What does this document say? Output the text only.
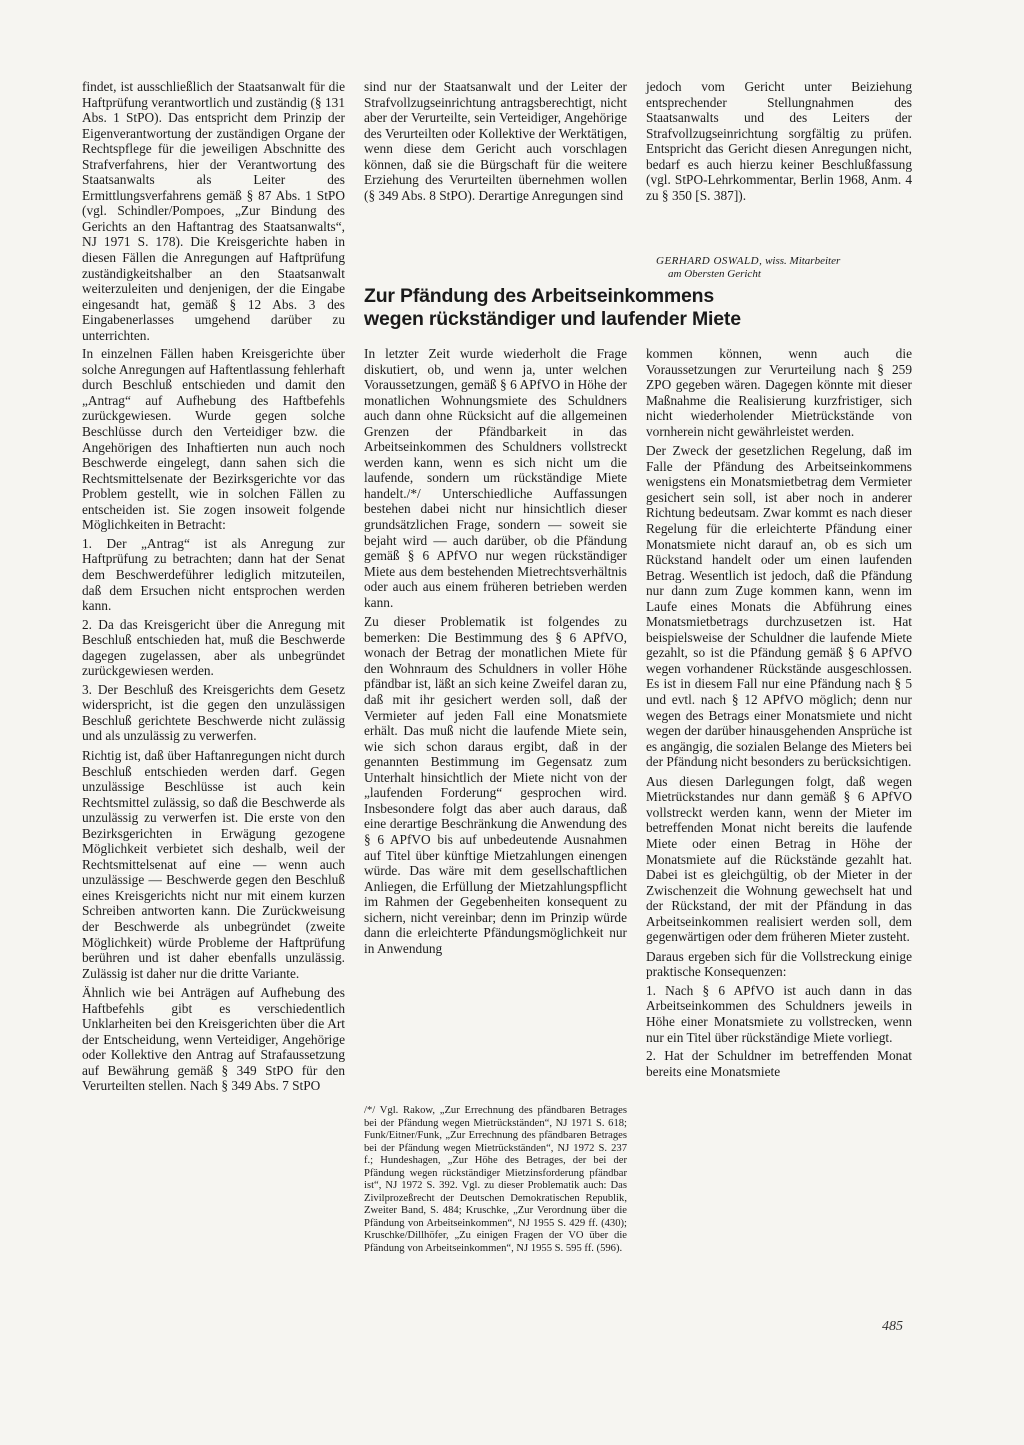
findet, ist ausschließlich der Staatsanwalt für die Haftprüfung verantwortlich und zuständig (§ 131 Abs. 1 StPO). Das entspricht dem Prinzip der Eigenverantwortung der zuständigen Organe der Rechtspflege für die jeweiligen Abschnitte des Strafverfahrens, hier der Verantwortung des Staatsanwalts als Leiter des Ermittlungsverfahrens gemäß § 87 Abs. 1 StPO (vgl. Schindler/Pompoes, „Zur Bindung des Gerichts an den Haftantrag des Staatsanwalts“, NJ 1971 S. 178). Die Kreisgerichte haben in diesen Fällen die Anregungen auf Haftprüfung zuständigkeitshalber an den Staatsanwalt weiterzuleiten und denjenigen, der die Eingabe eingesandt hat, gemäß § 12 Abs. 3 des Eingabenerlasses umgehend darüber zu unterrichten.

In einzelnen Fällen haben Kreisgerichte über solche Anregungen auf Haftentlassung fehlerhaft durch Beschluß entschieden und damit den „Antrag“ auf Aufhebung des Haftbefehls zurückgewiesen. Wurde gegen solche Beschlüsse durch den Verteidiger bzw. die Angehörigen des Inhaftierten nun auch noch Beschwerde eingelegt, dann sahen sich die Rechtsmittelsenate der Bezirksgerichte vor das Problem gestellt, wie in solchen Fällen zu entscheiden ist. Sie zogen insoweit folgende Möglichkeiten in Betracht:

1. Der „Antrag“ ist als Anregung zur Haftprüfung zu betrachten; dann hat der Senat dem Beschwerdeführer lediglich mitzuteilen, daß dem Ersuchen nicht entsprochen werden kann.

2. Da das Kreisgericht über die Anregung mit Beschluß entschieden hat, muß die Beschwerde dagegen zugelassen, aber als unbegründet zurückgewiesen werden.

3. Der Beschluß des Kreisgerichts dem Gesetz widerspricht, ist die gegen den unzulässigen Beschluß gerichtete Beschwerde nicht zulässig und als unzulässig zu verwerfen.

Richtig ist, daß über Haftanregungen nicht durch Beschluß entschieden werden darf. Gegen unzulässige Beschlüsse ist auch kein Rechtsmittel zulässig, so daß die Beschwerde als unzulässig zu verwerfen ist. Die erste von den Bezirksgerichten in Erwägung gezogene Möglichkeit verbietet sich deshalb, weil der Rechtsmittelsenat auf eine — wenn auch unzulässige — Beschwerde gegen den Beschluß eines Kreisgerichts nicht nur mit einem kurzen Schreiben antworten kann. Die Zurückweisung der Beschwerde als unbegründet (zweite Möglichkeit) würde Probleme der Haftprüfung berühren und ist daher ebenfalls unzulässig. Zulässig ist daher nur die dritte Variante.

Ähnlich wie bei Anträgen auf Aufhebung des Haftbefehls gibt es verschiedentlich Unklarheiten bei den Kreisgerichten über die Art der Entscheidung, wenn Verteidiger, Angehörige oder Kollektive den Antrag auf Strafaussetzung auf Bewährung gemäß § 349 StPO für den Verurteilten stellen. Nach § 349 Abs. 7 StPO

sind nur der Staatsanwalt und der Leiter der Strafvollzugseinrichtung antragsberechtigt, nicht aber der Verurteilte, sein Verteidiger, Angehörige des Verurteilten oder Kollektive der Werktätigen, wenn diese dem Gericht auch vorschlagen können, daß sie die Bürgschaft für die weitere Erziehung des Verurteilten übernehmen wollen (§ 349 Abs. 8 StPO). Derartige Anregungen sind

jedoch vom Gericht unter Beiziehung entsprechender Stellungnahmen des Staatsanwalts und des Leiters der Strafvollzugseinrichtung sorgfältig zu prüfen. Entspricht das Gericht diesen Anregungen nicht, bedarf es auch hierzu keiner Beschlußfassung (vgl. StPO-Lehrkommentar, Berlin 1968, Anm. 4 zu § 350 [S. 387]).

GERHARD OSWALD, wiss. Mitarbeiter
am Obersten Gericht
Zur Pfändung des Arbeitseinkommens
wegen rückständiger und laufender Miete

In letzter Zeit wurde wiederholt die Frage diskutiert, ob, und wenn ja, unter welchen Voraussetzungen, gemäß § 6 APfVO in Höhe der monatlichen Wohnungsmiete des Schuldners auch dann ohne Rücksicht auf die allgemeinen Grenzen der Pfändbarkeit in das Arbeitseinkommen des Schuldners vollstreckt werden kann, wenn es sich nicht um die laufende, sondern um rückständige Miete handelt./*/ Unterschiedliche Auffassungen bestehen dabei nicht nur hinsichtlich dieser grundsätzlichen Frage, sondern — soweit sie bejaht wird — auch darüber, ob die Pfändung gemäß § 6 APfVO nur wegen rückständiger Miete aus dem bestehenden Mietrechtsverhältnis oder auch aus einem früheren betrieben werden kann.

Zu dieser Problematik ist folgendes zu bemerken: Die Bestimmung des § 6 APfVO, wonach der Betrag der monatlichen Miete für den Wohnraum des Schuldners in voller Höhe pfändbar ist, läßt an sich keine Zweifel daran zu, daß mit ihr gesichert werden soll, daß der Vermieter auf jeden Fall eine Monatsmiete erhält. Das muß nicht die laufende Miete sein, wie sich schon daraus ergibt, daß in der genannten Bestimmung im Gegensatz zum Unterhalt hinsichtlich der Miete nicht von der „laufenden Forderung“ gesprochen wird. Insbesondere folgt das aber auch daraus, daß eine derartige Beschränkung die Anwendung des § 6 APfVO bis auf unbedeutende Ausnahmen auf Titel über künftige Mietzahlungen einengen würde. Das wäre mit dem gesellschaftlichen Anliegen, die Erfüllung der Mietzahlungspflicht im Rahmen der Gegebenheiten konsequent zu sichern, nicht vereinbar; denn im Prinzip würde dann die erleichterte Pfändungsmöglichkeit nur in Anwendung

/*/ Vgl. Rakow, „Zur Errechnung des pfändbaren Betrages bei der Pfändung wegen Mietrückständen“, NJ 1971 S. 618; Funk/Eitner/Funk, „Zur Errechnung des pfändbaren Betrages bei der Pfändung wegen Mietrückständen“, NJ 1972 S. 237 f.; Hundeshagen, „Zur Höhe des Betrages, der bei der Pfändung wegen rückständiger Mietzinsforderung pfändbar ist“, NJ 1972 S. 392. Vgl. zu dieser Problematik auch: Das Zivilprozeßrecht der Deutschen Demokratischen Republik, Zweiter Band, S. 484; Kruschke, „Zur Verordnung über die Pfändung von Arbeitseinkommen“, NJ 1955 S. 429 ff. (430); Kruschke/Dillhöfer, „Zu einigen Fragen der VO über die Pfändung von Arbeitseinkommen“, NJ 1955 S. 595 ff. (596).

kommen können, wenn auch die Voraussetzungen zur Verurteilung nach § 259 ZPO gegeben wären. Dagegen könnte mit dieser Maßnahme die Realisierung kurzfristiger, sich nicht wiederholender Mietrückstände von vornherein nicht gewährleistet werden.

Der Zweck der gesetzlichen Regelung, daß im Falle der Pfändung des Arbeitseinkommens wenigstens ein Monatsmietbetrag dem Vermieter gesichert sein soll, ist aber noch in anderer Richtung bedeutsam. Zwar kommt es nach dieser Regelung für die erleichterte Pfändung einer Monatsmiete nicht darauf an, ob es sich um Rückstand handelt oder um einen laufenden Betrag. Wesentlich ist jedoch, daß die Pfändung nur dann zum Zuge kommen kann, wenn im Laufe eines Monats die Abführung eines Monatsmietbetrags durchzusetzen ist. Hat beispielsweise der Schuldner die laufende Miete gezahlt, so ist die Pfändung gemäß § 6 APfVO wegen vorhandener Rückstände ausgeschlossen. Es ist in diesem Fall nur eine Pfändung nach § 5 und evtl. nach § 12 APfVO möglich; denn nur wegen des Betrags einer Monatsmiete und nicht wegen der darüber hinausgehenden Ansprüche ist es angängig, die sozialen Belange des Mieters bei der Pfändung nicht besonders zu berücksichtigen.

Aus diesen Darlegungen folgt, daß wegen Mietrückstandes nur dann gemäß § 6 APfVO vollstreckt werden kann, wenn der Mieter im betreffenden Monat nicht bereits die laufende Miete oder einen Betrag in Höhe der Monatsmiete auf die Rückstände gezahlt hat. Dabei ist es gleichgültig, ob der Mieter in der Zwischenzeit die Wohnung gewechselt hat und der Rückstand, der mit der Pfändung in das Arbeitseinkommen realisiert werden soll, dem gegenwärtigen oder dem früheren Mieter zusteht.

Daraus ergeben sich für die Vollstreckung einige praktische Konsequenzen:

1. Nach § 6 APfVO ist auch dann in das Arbeitseinkommen des Schuldners jeweils in Höhe einer Monatsmiete zu vollstrecken, wenn nur ein Titel über rückständige Miete vorliegt.

2. Hat der Schuldner im betreffenden Monat bereits eine Monatsmiete

485
